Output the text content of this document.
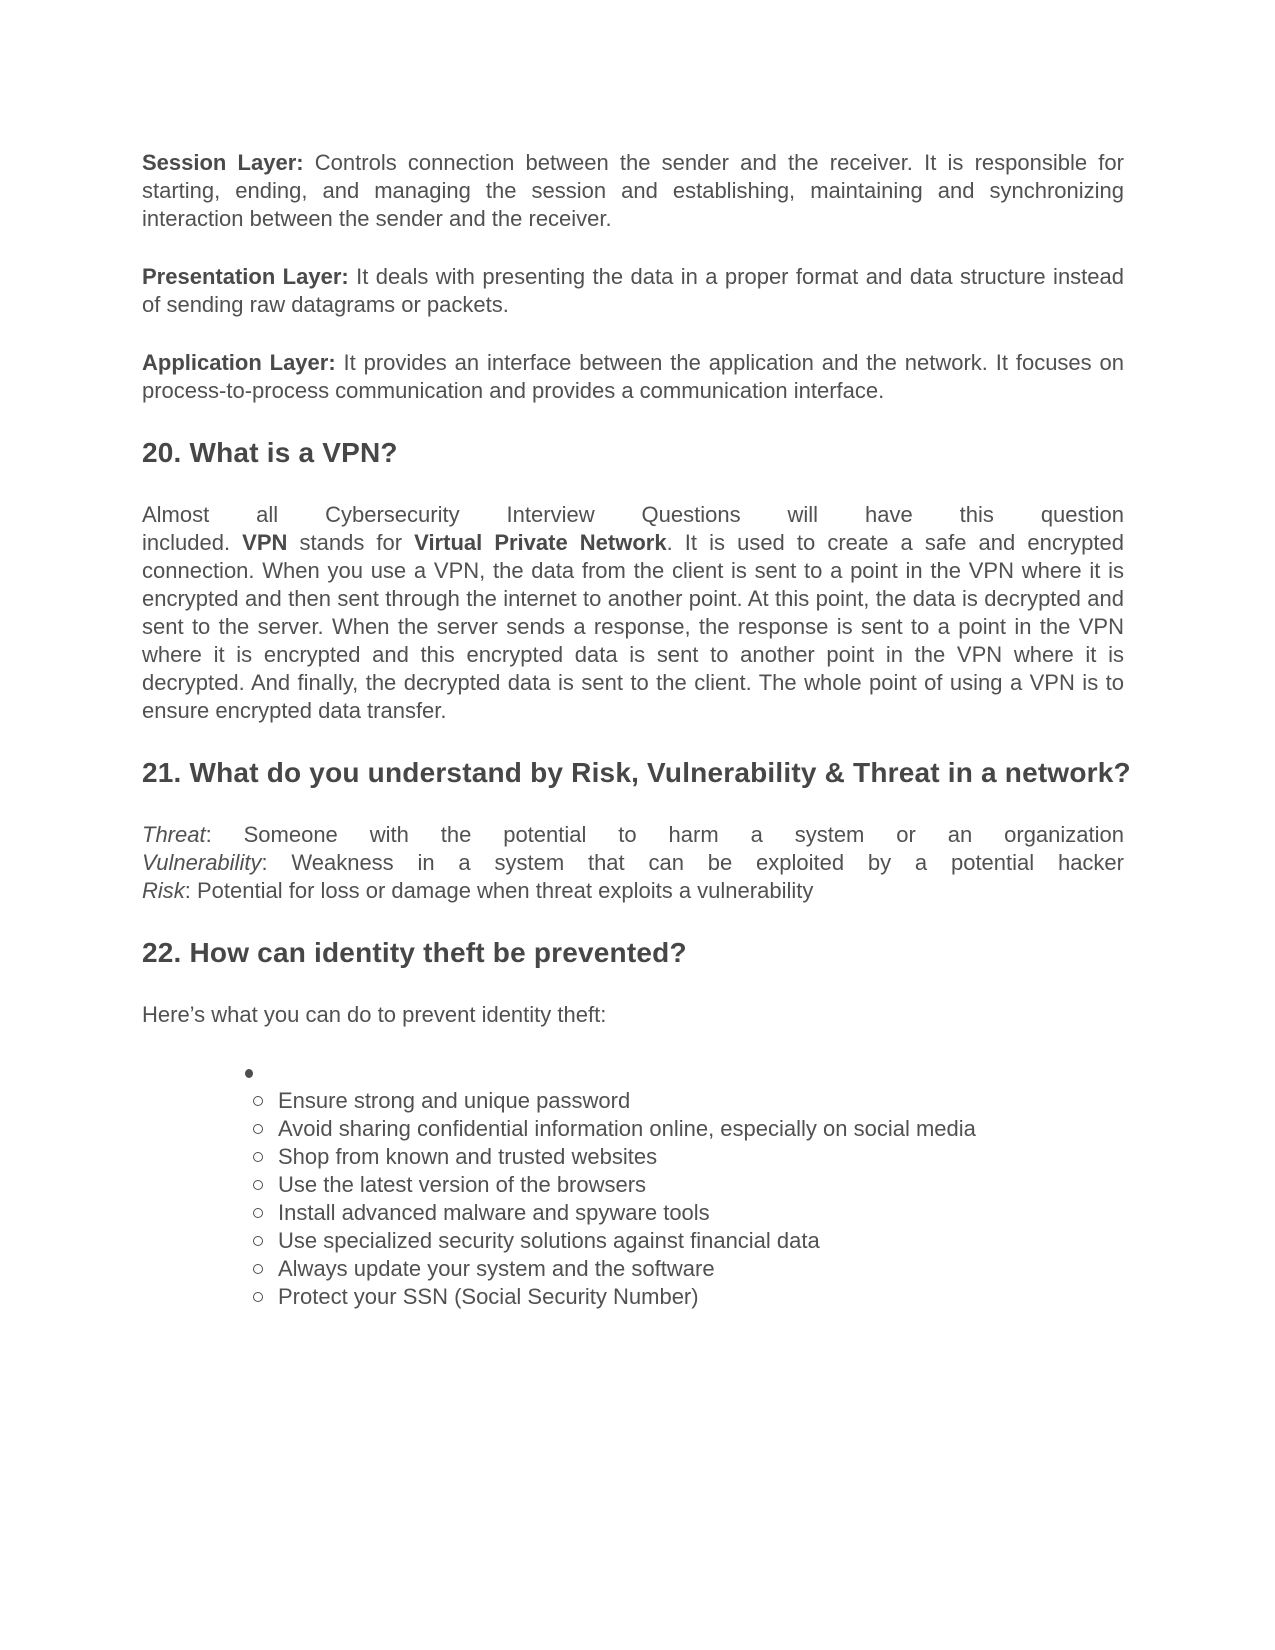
Session Layer: Controls connection between the sender and the receiver. It is responsible for starting, ending, and managing the session and establishing, maintaining and synchronizing interaction between the sender and the receiver.

Presentation Layer: It deals with presenting the data in a proper format and data structure instead of sending raw datagrams or packets.

Application Layer: It provides an interface between the application and the network. It focuses on process-to-process communication and provides a communication interface.

20. What is a VPN?

Almost all Cybersecurity Interview Questions will have this question
included. VPN stands for Virtual Private Network. It is used to create a safe and encrypted connection. When you use a VPN, the data from the client is sent to a point in the VPN where it is encrypted and then sent through the internet to another point. At this point, the data is decrypted and sent to the server. When the server sends a response, the response is sent to a point in the VPN where it is encrypted and this encrypted data is sent to another point in the VPN where it is decrypted. And finally, the decrypted data is sent to the client. The whole point of using a VPN is to ensure encrypted data transfer.

21. What do you understand by Risk, Vulnerability & Threat in a network?

Threat: Someone with the potential to harm a system or an organization
Vulnerability: Weakness in a system that can be exploited by a potential hacker
Risk: Potential for loss or damage when threat exploits a vulnerability

22. How can identity theft be prevented?

Here’s what you can do to prevent identity theft:

Ensure strong and unique password
Avoid sharing confidential information online, especially on social media
Shop from known and trusted websites
Use the latest version of the browsers
Install advanced malware and spyware tools
Use specialized security solutions against financial data
Always update your system and the software
Protect your SSN (Social Security Number)
